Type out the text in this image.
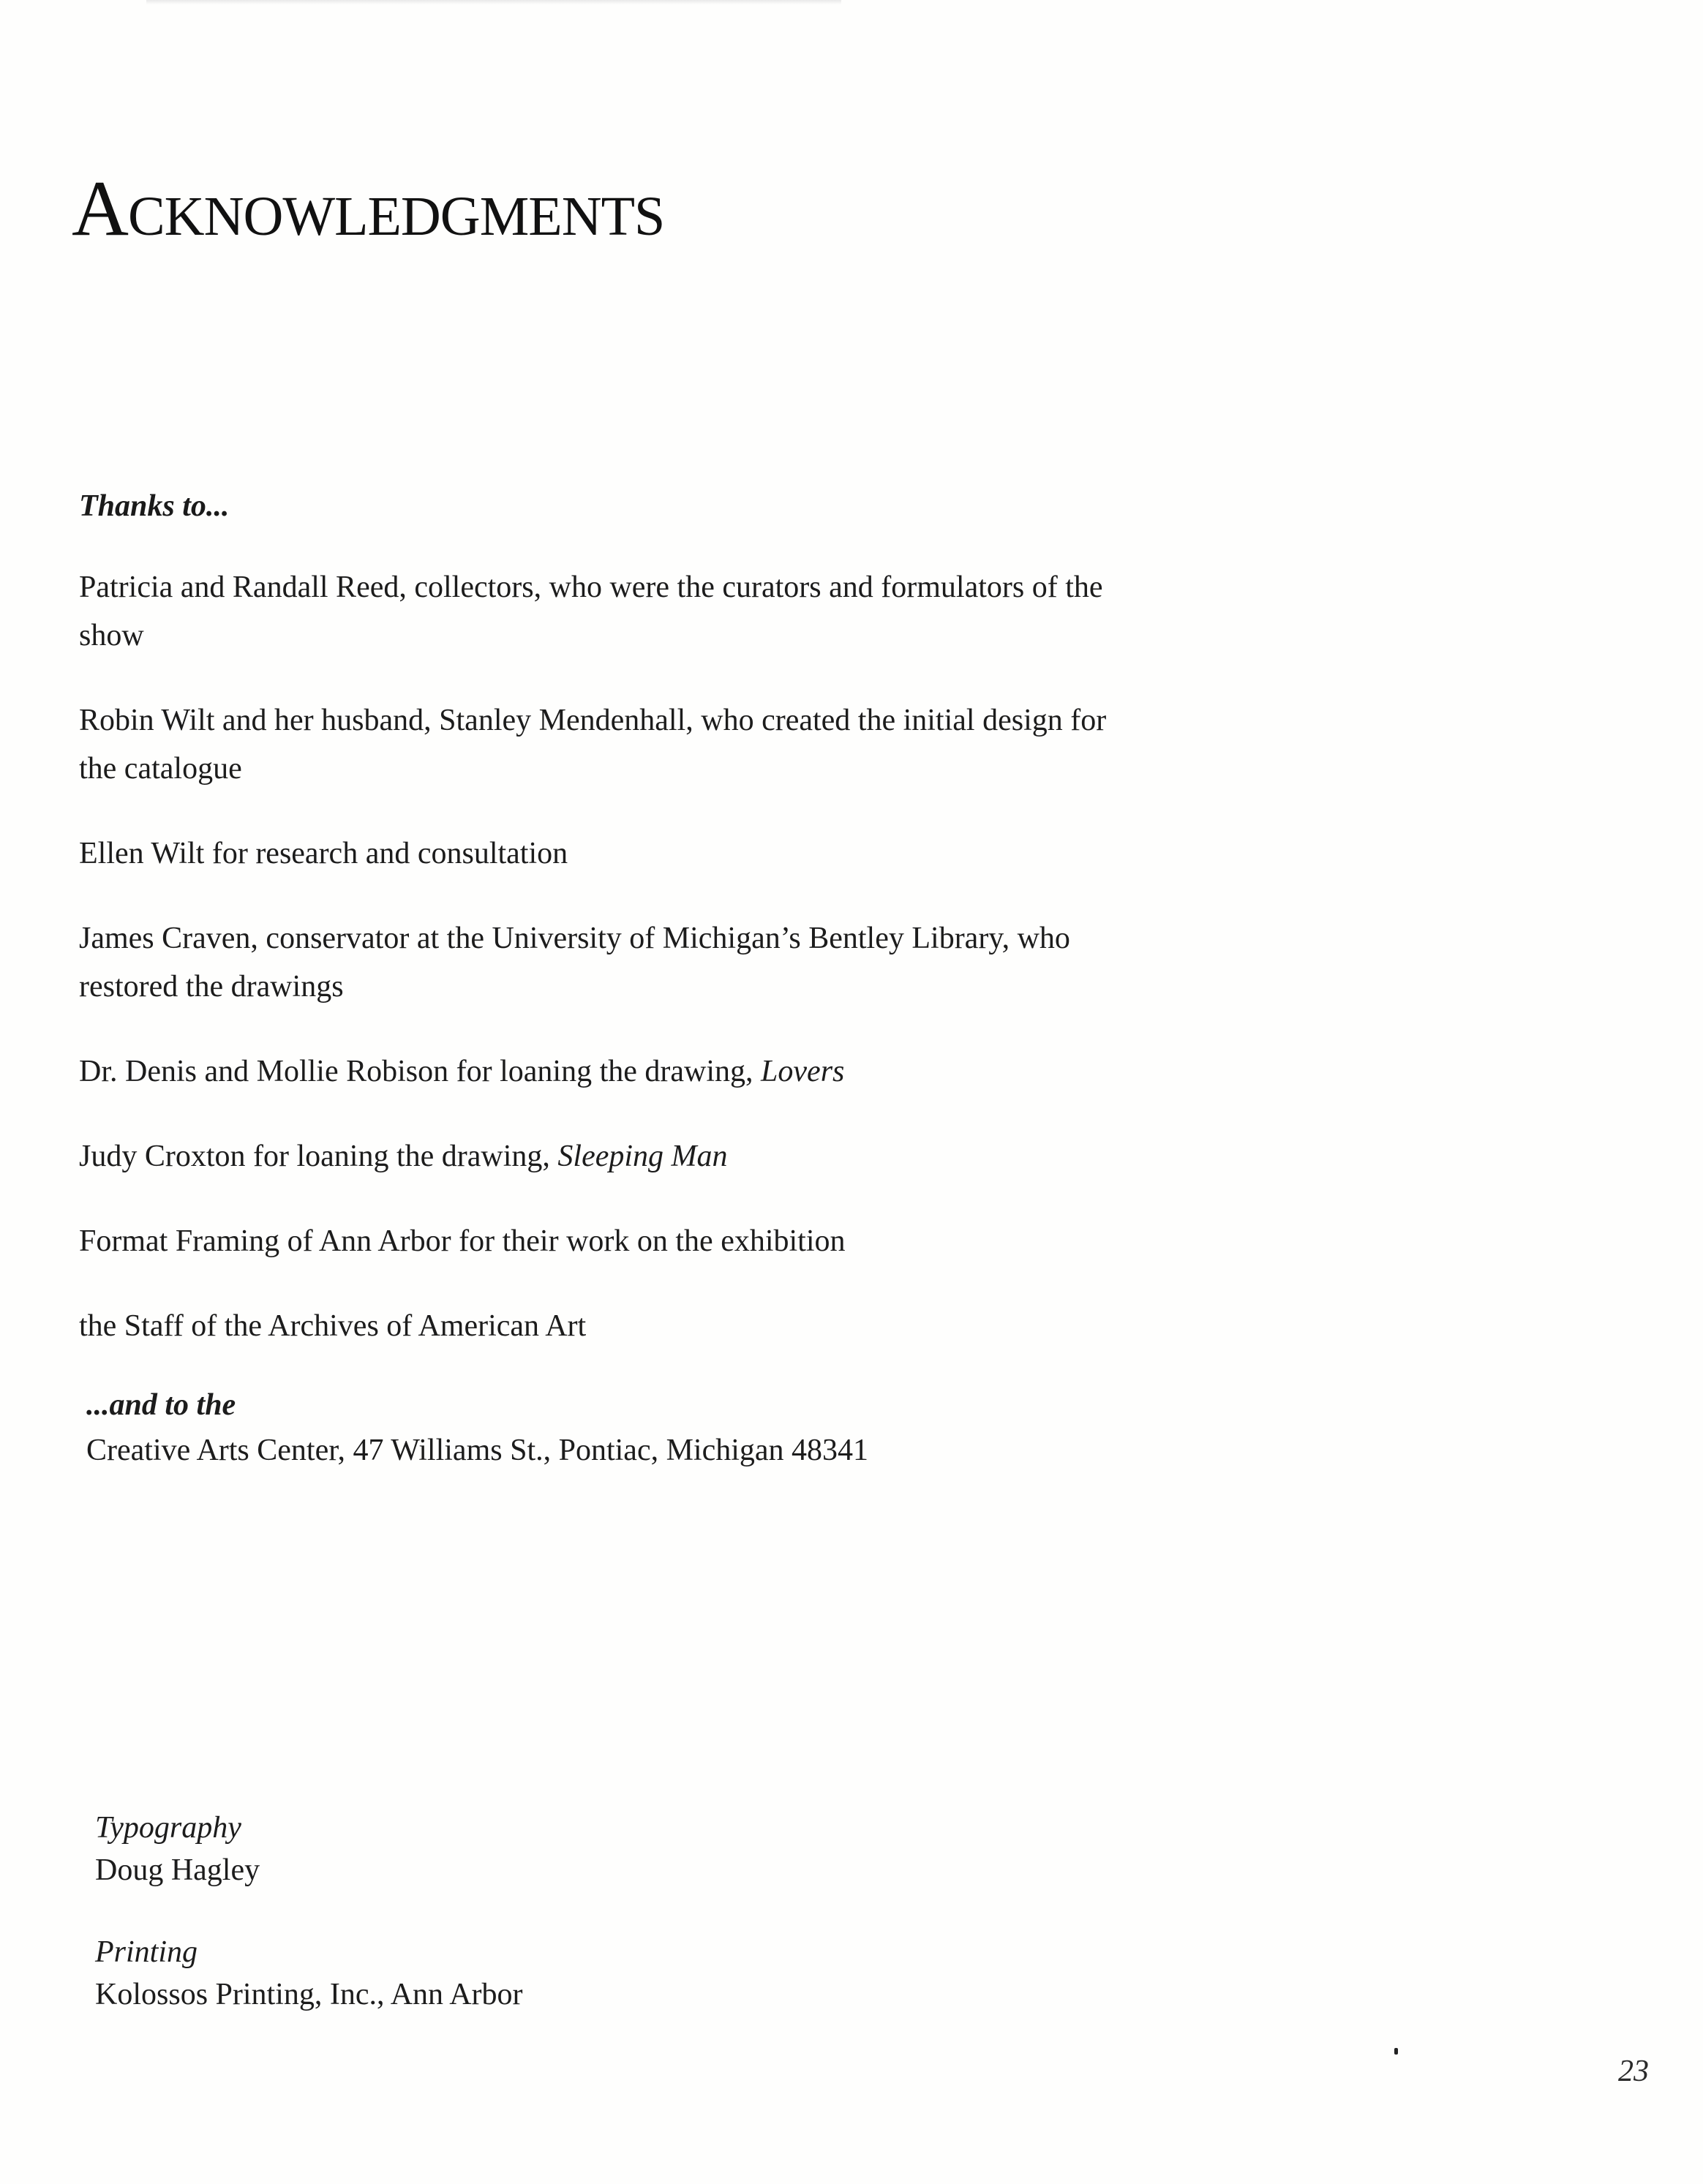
Acknowledgments
Thanks to...

Patricia and Randall Reed, collectors, who were the curators and formulators of the show

Robin Wilt and her husband, Stanley Mendenhall, who created the initial design for the catalogue

Ellen Wilt for research and consultation

James Craven, conservator at the University of Michigan’s Bentley Library, who restored the drawings

Dr. Denis and Mollie Robison for loaning the drawing, Lovers

Judy Croxton for loaning the drawing, Sleeping Man

Format Framing of Ann Arbor for their work on the exhibition

the Staff of the Archives of American Art

...and to the
Creative Arts Center, 47 Williams St., Pontiac, Michigan 48341
Typography
Doug Hagley
Printing
Kolossos Printing, Inc., Ann Arbor
23
